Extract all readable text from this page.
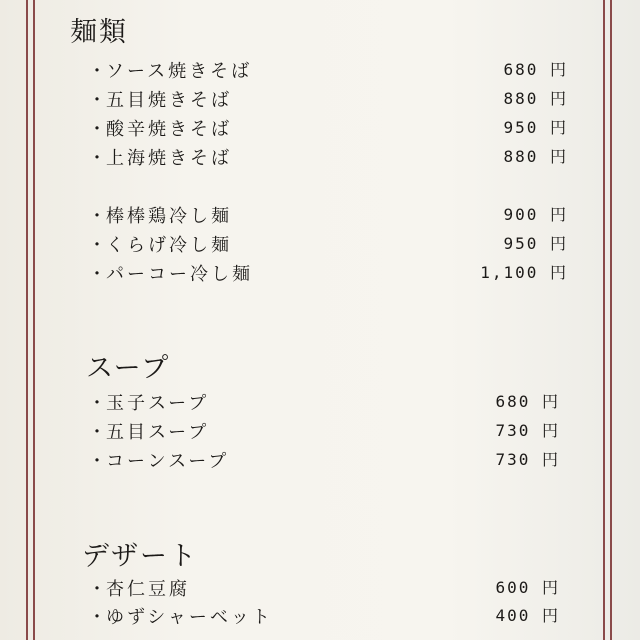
麺類
・ ソース焼きそば	680 円
・ 五目焼きそば	880 円
・ 酸辛焼きそば	950 円
・ 上海焼きそば	880 円
・ 棒棒鶏冷し麺	900 円
・ くらげ冷し麺	950 円
・ パーコー冷し麺	1,100 円
スープ
・ 玉子スープ	680 円
・ 五目スープ	730 円
・ コーンスープ	730 円
デザート
・ 杏仁豆腐	600 円
・ ゆずシャーベット	400 円
